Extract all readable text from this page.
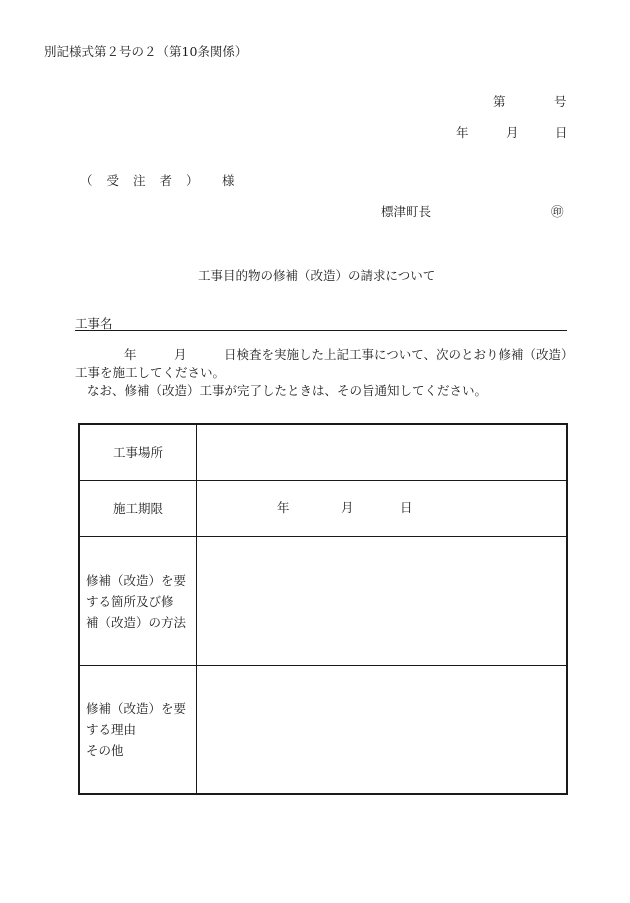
別記様式第２号の２（第10条関係）
第	号
年	月	日
（受注者） 様
標津町長	㊞
工事目的物の修補（改造）の請求について
工事名
年	月	日検査を実施した上記工事について、次のとおり修補（改造）
工事を施工してください。
なお、修補（改造）工事が完了したときは、その旨通知してください。
工事場所
施工期限	年	月	日
修補（改造）を要
する箇所及び修
補（改造）の方法
修補（改造）を要
する理由
その他
